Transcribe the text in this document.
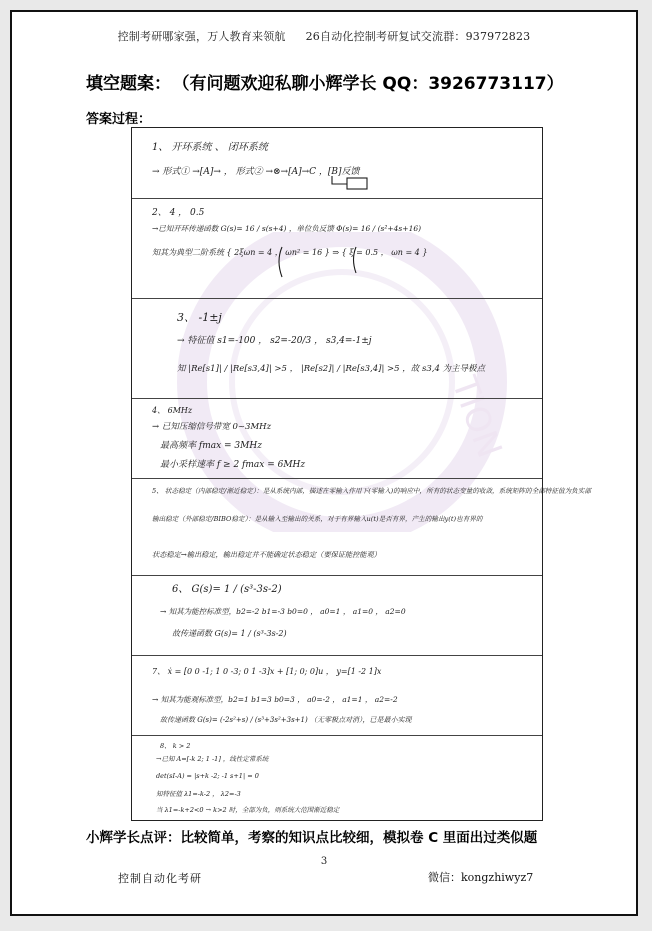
TION
控制考研哪家强，万人教育来领航 26自动化控制考研复试交流群：937972823
填空题案： （有问题欢迎私聊小辉学长 QQ：3926773117）
答案过程：
1、 开环系统 、 闭环系统
→ 形式① →[A]→ ， 形式② →⊗→[A]→C ，[B]反馈
2、 4 ， 0.5
→已知开环传递函数 G(s)= 16 / s(s+4) ，单位负反馈 Φ(s)= 16 / (s²+4s+16)
知其为典型二阶系统 { 2ξωn = 4 ， ωn² = 16 } ⇒ { ξ = 0.5 ， ωn = 4 }
3、 -1±j
→ 特征值 s1=-100 ， s2=-20/3 ， s3,4=-1±j
知 |Re[s1]| / |Re[s3,4]| >5 ， |Re[s2]| / |Re[s3,4]| >5 ，故 s3,4 为主导极点
4、 6MHz
→ 已知压缩信号带宽 0~3MHz
最高频率 fmax = 3MHz
最小采样速率 f ≥ 2 fmax = 6MHz
5、 状态稳定（内部稳定/渐近稳定）：是从系统内部，描述在零输入作用下(零输入)的响应中，所有的状态变量的收敛，系统矩阵的全部特征值为负实部
输出稳定（外部稳定/BIBO稳定）：是从输入至输出的关系，对于有界输入u(t)是否有界，产生的输出y(t)也有界的
状态稳定→输出稳定，输出稳定并不能确定状态稳定（要保证能控能观）
6、 G(s)= 1 / (s³-3s-2)
→ 知其为能控标准型，b2=-2 b1=-3 b0=0 ， a0=1 ， a1=0 ， a2=0
故传递函数 G(s)= 1 / (s³-3s-2)
7、 ẋ = [0 0 -1; 1 0 -3; 0 1 -3]x + [1; 0; 0]u ， y=[1 -2 1]x
→ 知其为能观标准型，b2=1 b1=3 b0=3 ， a0=-2 ， a1=1 ， a2=-2
故传递函数 G(s)= (-2s²+s) / (s³+3s²+3s+1) （无零极点对消），已是最小实现
8、 k > 2
→已知 A=[-k 2; 1 -1] ，线性定常系统
det(sI-A) = |s+k -2; -1 s+1| = 0
知特征值 λ1=-k-2 ， λ2=-3
当 λ1=-k+2<0 → k>2 时，全部为负，则系统大范围渐近稳定
小辉学长点评：比较简单，考察的知识点比较细，模拟卷 C 里面出过类似题
3
控制自动化考研	微信：kongzhiwyz7
